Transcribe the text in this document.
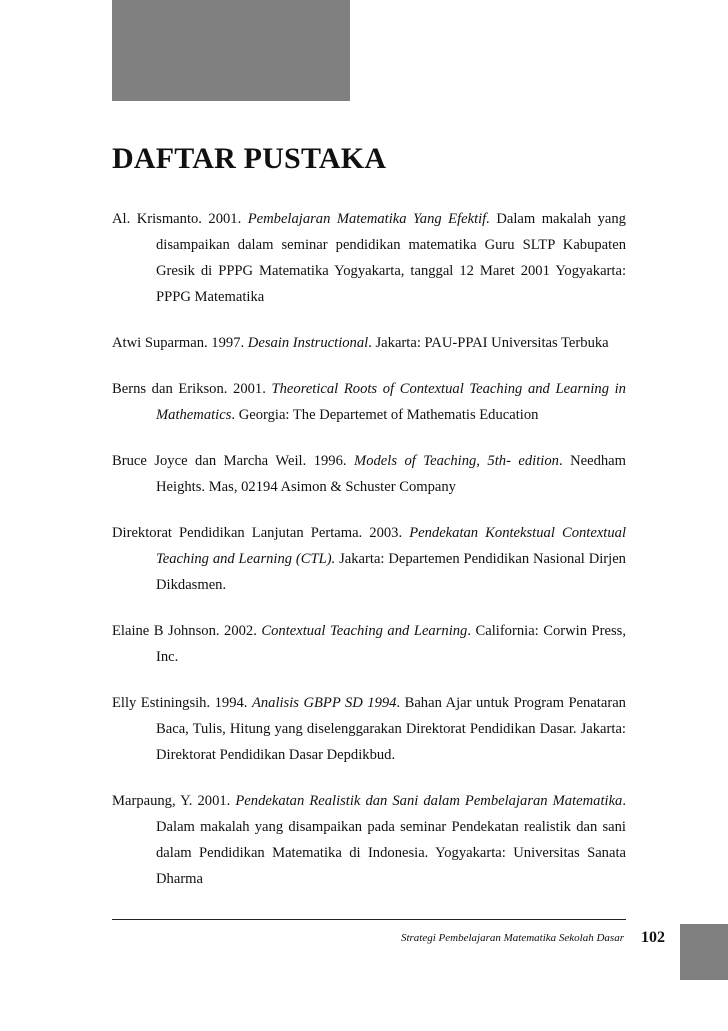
DAFTAR PUSTAKA

Al. Krismanto. 2001. Pembelajaran Matematika Yang Efektif. Dalam makalah yang disampaikan dalam seminar pendidikan matematika Guru SLTP Kabupaten Gresik di PPPG Matematika Yogyakarta, tanggal 12 Maret 2001 Yogyakarta: PPPG Matematika

Atwi Suparman. 1997. Desain Instructional. Jakarta: PAU-PPAI Universitas Terbuka

Berns dan Erikson. 2001. Theoretical Roots of Contextual Teaching and Learning in Mathematics. Georgia: The Departemet of Mathematis Education

Bruce Joyce dan Marcha Weil. 1996. Models of Teaching, 5th- edition. Needham Heights. Mas, 02194 Asimon & Schuster Company

Direktorat Pendidikan Lanjutan Pertama. 2003. Pendekatan Kontekstual Contextual Teaching and Learning (CTL). Jakarta: Departemen Pendidikan Nasional Dirjen Dikdasmen.

Elaine B Johnson. 2002. Contextual Teaching and Learning. California: Corwin Press, Inc.

Elly Estiningsih. 1994. Analisis GBPP SD 1994. Bahan Ajar untuk Program Penataran Baca, Tulis, Hitung yang diselenggarakan Direktorat Pendidikan Dasar. Jakarta: Direktorat Pendidikan Dasar Depdikbud.

Marpaung, Y. 2001. Pendekatan Realistik dan Sani dalam Pembelajaran Matematika. Dalam makalah yang disampaikan pada seminar Pendekatan realistik dan sani dalam Pendidikan Matematika di Indonesia. Yogyakarta: Universitas Sanata Dharma

Strategi Pembelajaran Matematika Sekolah Dasar 102
